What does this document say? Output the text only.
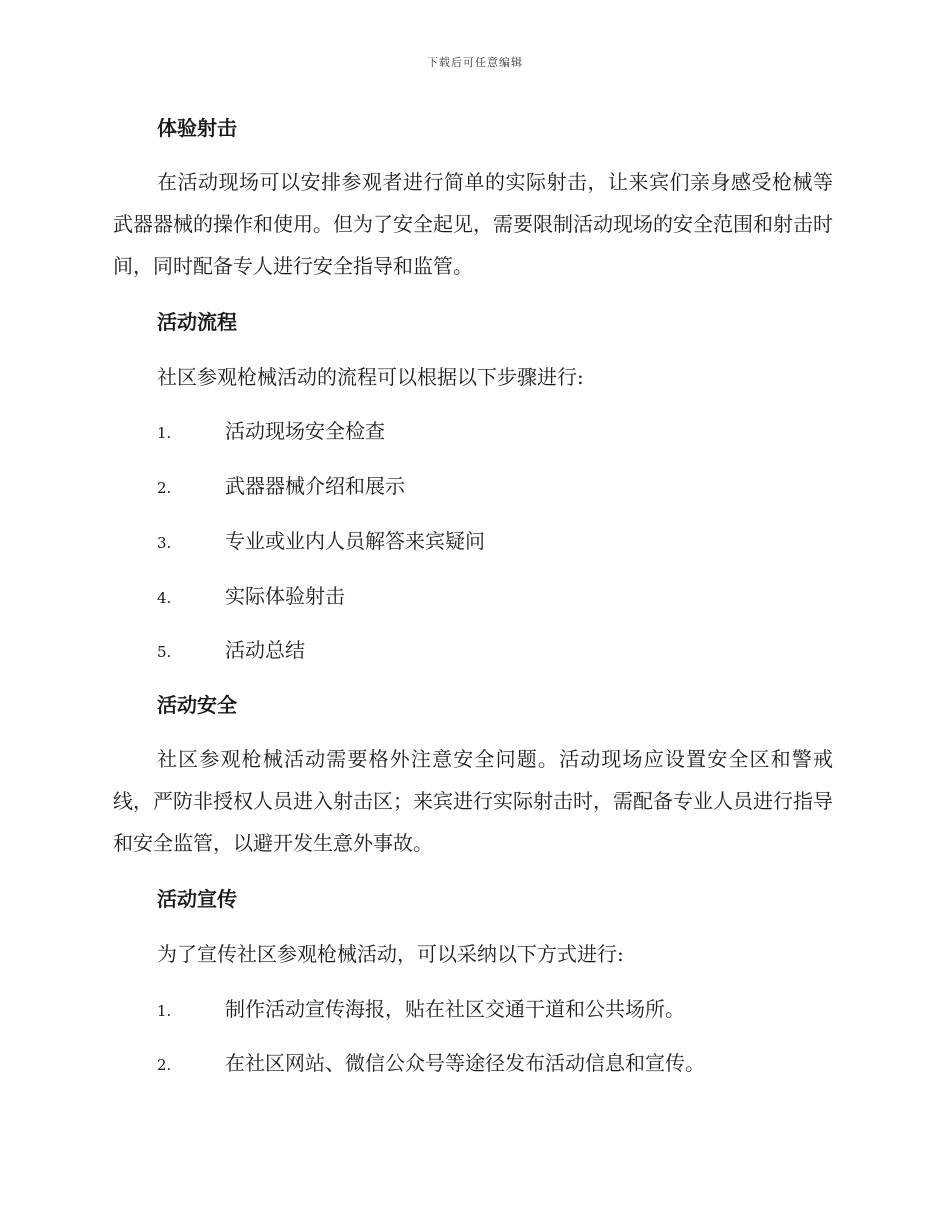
下载后可任意编辑
体验射击
在活动现场可以安排参观者进行简单的实际射击，让来宾们亲身感受枪械等武器器械的操作和使用。但为了安全起见，需要限制活动现场的安全范围和射击时间，同时配备专人进行安全指导和监管。
活动流程
社区参观枪械活动的流程可以根据以下步骤进行:
1.	活动现场安全检查
2.	武器器械介绍和展示
3.	专业或业内人员解答来宾疑问
4.	实际体验射击
5.	活动总结
活动安全
社区参观枪械活动需要格外注意安全问题。活动现场应设置安全区和警戒线，严防非授权人员进入射击区；来宾进行实际射击时，需配备专业人员进行指导和安全监管，以避开发生意外事故。
活动宣传
为了宣传社区参观枪械活动，可以采纳以下方式进行:
1.	制作活动宣传海报，贴在社区交通干道和公共场所。
2.	在社区网站、微信公众号等途径发布活动信息和宣传。
